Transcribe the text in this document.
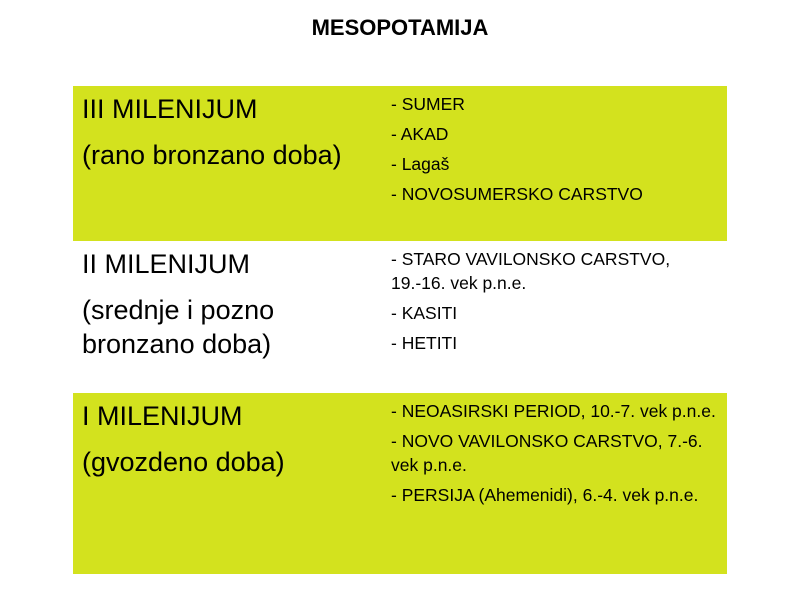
MESOPOTAMIJA
III MILENIJUM
(rano bronzano doba)
- SUMER
- AKAD
- Lagaš
- NOVOSUMERSKO CARSTVO
II MILENIJUM
(srednje i pozno bronzano doba)
- STARO VAVILONSKO CARSTVO, 19.-16. vek p.n.e.
- KASITI
- HETITI
I MILENIJUM
(gvozdeno doba)
- NEOASIRSKI PERIOD, 10.-7. vek p.n.e.
- NOVO VAVILONSKO CARSTVO, 7.-6. vek p.n.e.
- PERSIJA (Ahemenidi), 6.-4. vek p.n.e.
